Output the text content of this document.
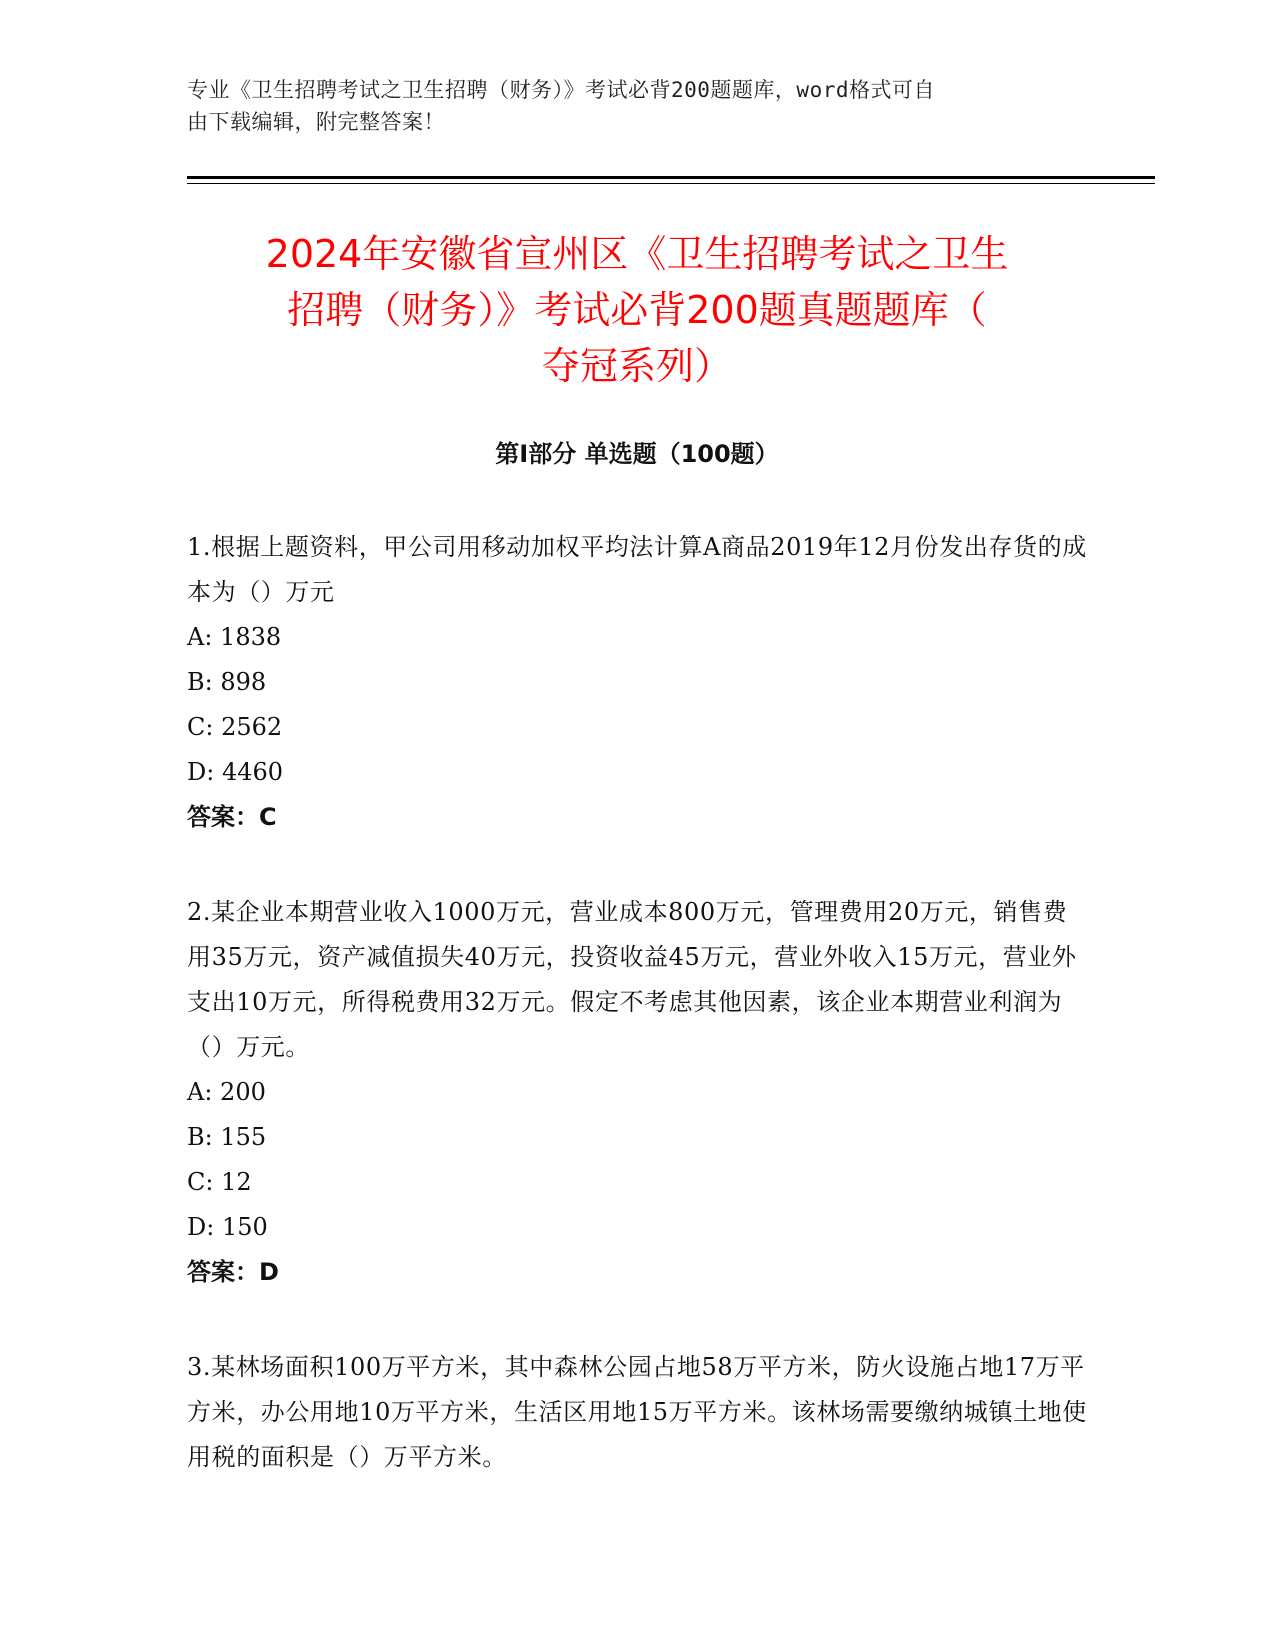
专业《卫生招聘考试之卫生招聘（财务）》考试必背200题题库，word格式可自
由下载编辑，附完整答案！
2024年安徽省宣州区《卫生招聘考试之卫生
招聘（财务）》考试必背200题真题题库（
夺冠系列）
第Ⅰ部分 单选题（100题）
1.根据上题资料，甲公司用移动加权平均法计算A商品2019年12月份发出存货的成本为（）万元
A: 1838
B: 898
C: 2562
D: 4460
答案：C
2.某企业本期营业收入1000万元，营业成本800万元，管理费用20万元，销售费用35万元，资产减值损失40万元，投资收益45万元，营业外收入15万元，营业外支出10万元，所得税费用32万元。假定不考虑其他因素，该企业本期营业利润为（）万元。
A: 200
B: 155
C: 12
D: 150
答案：D
3.某林场面积100万平方米，其中森林公园占地58万平方米，防火设施占地17万平方米，办公用地10万平方米，生活区用地15万平方米。该林场需要缴纳城镇土地使用税的面积是（）万平方米。
